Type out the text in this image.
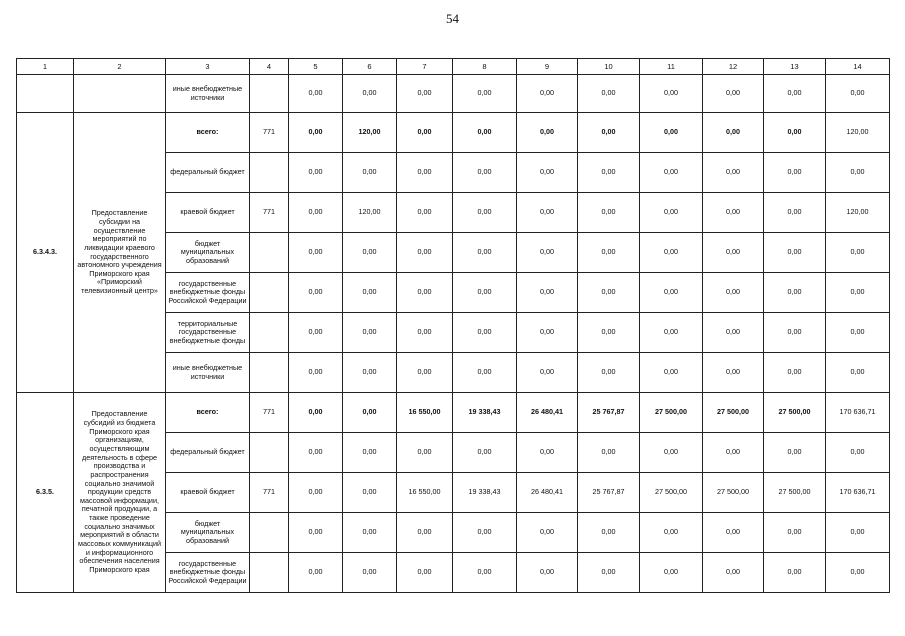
54
1	2	3	4	5	6	7	8	9	10	11	12	13	14
		иные внебюджетные источники		0,00	0,00	0,00	0,00	0,00	0,00	0,00	0,00	0,00	0,00
6.3.4.3.	Предоставление субсидии на осуществление мероприятий по ликвидации краевого государственного автономного учреждения Приморского края «Приморский телевизионный центр»	всего:	771	0,00	120,00	0,00	0,00	0,00	0,00	0,00	0,00	0,00	120,00
		федеральный бюджет		0,00	0,00	0,00	0,00	0,00	0,00	0,00	0,00	0,00	0,00
		краевой бюджет	771	0,00	120,00	0,00	0,00	0,00	0,00	0,00	0,00	0,00	120,00
		бюджет муниципальных образований		0,00	0,00	0,00	0,00	0,00	0,00	0,00	0,00	0,00	0,00
		государственные внебюджетные фонды Российской Федерации		0,00	0,00	0,00	0,00	0,00	0,00	0,00	0,00	0,00	0,00
		территориальные государственные внебюджетные фонды		0,00	0,00	0,00	0,00	0,00	0,00	0,00	0,00	0,00	0,00
		иные внебюджетные источники		0,00	0,00	0,00	0,00	0,00	0,00	0,00	0,00	0,00	0,00
6.3.5.	Предоставление субсидий из бюджета Приморского края организациям, осуществляющим деятельность в сфере производства и распространения социально значимой продукции средств массовой информации, печатной продукции, а также проведение социально значимых мероприятий в области массовых коммуникаций и информационного обеспечения населения Приморского края	всего:	771	0,00	0,00	16 550,00	19 338,43	26 480,41	25 767,87	27 500,00	27 500,00	27 500,00	170 636,71
		федеральный бюджет		0,00	0,00	0,00	0,00	0,00	0,00	0,00	0,00	0,00	0,00
		краевой бюджет	771	0,00	0,00	16 550,00	19 338,43	26 480,41	25 767,87	27 500,00	27 500,00	27 500,00	170 636,71
		бюджет муниципальных образований		0,00	0,00	0,00	0,00	0,00	0,00	0,00	0,00	0,00	0,00
		государственные внебюджетные фонды Российской Федерации		0,00	0,00	0,00	0,00	0,00	0,00	0,00	0,00	0,00	0,00
